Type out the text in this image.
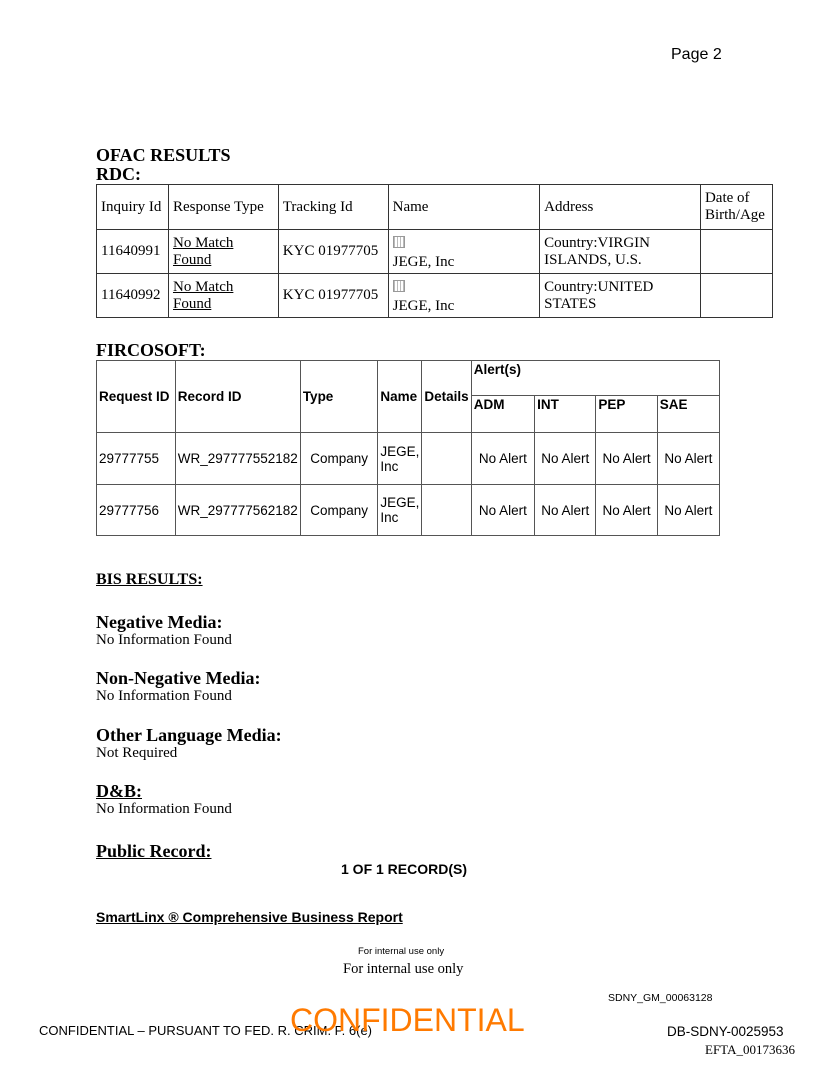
Page 2
OFAC RESULTS
RDC:
Inquiry Id	Response Type	Tracking Id	Name	Address	Date of Birth/Age
11640991	No Match Found	KYC 01977705	JEGE, Inc	Country:VIRGIN ISLANDS, U.S.	
11640992	No Match Found	KYC 01977705	JEGE, Inc	Country:UNITED STATES	
FIRCOSOFT:
Request ID	Record ID	Type	Name	Details	Alert(s)			
					ADM	INT	PEP	SAE
29777755	WR_297777552182	Company	JEGE, Inc		No Alert	No Alert	No Alert	No Alert
29777756	WR_297777562182	Company	JEGE, Inc		No Alert	No Alert	No Alert	No Alert
BIS RESULTS:
Negative Media:
No Information Found
Non-Negative Media:
No Information Found
Other Language Media:
Not Required
D&B:
No Information Found
Public Record:
1 OF 1 RECORD(S)
SmartLinx ® Comprehensive Business Report
For internal use only
For internal use only
SDNY_GM_00063128
CONFIDENTIAL – PURSUANT TO FED. R. CRIM. P. 6(e)
CONFIDENTIAL	DB-SDNY-0025953
EFTA_00173636
